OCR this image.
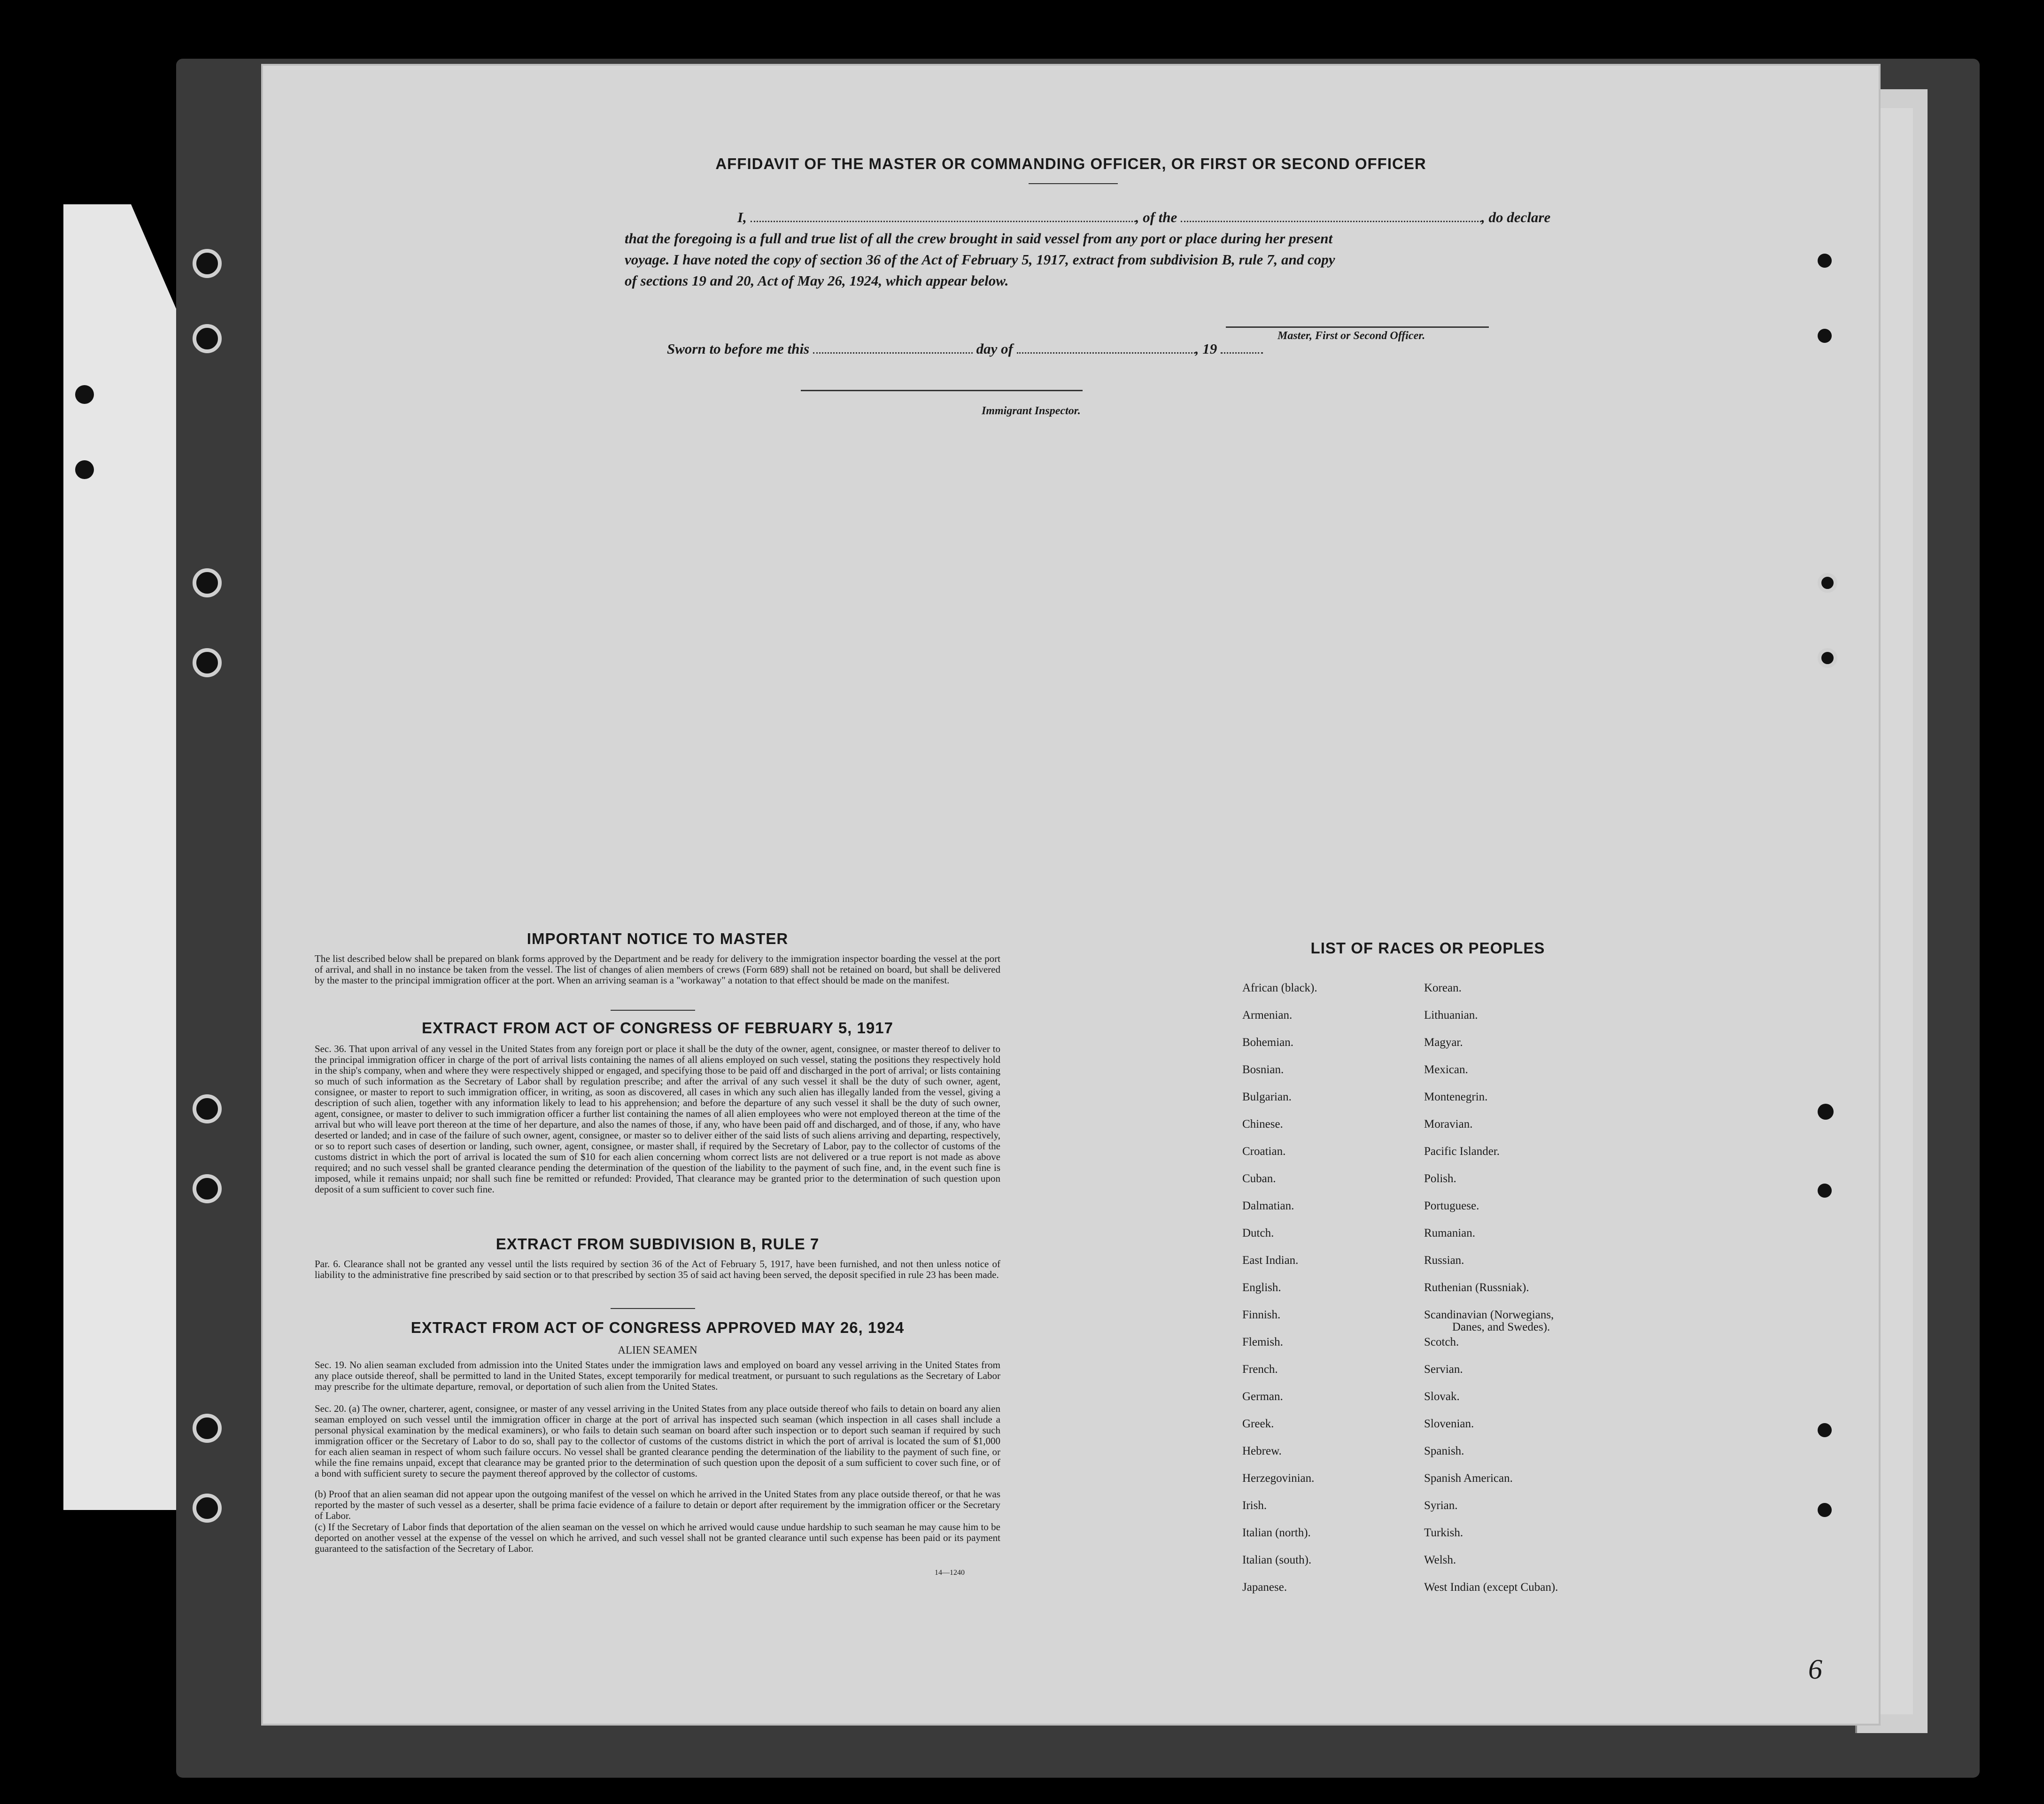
AFFIDAVIT OF THE MASTER OR COMMANDING OFFICER, OR FIRST OR SECOND OFFICER
I,	, of the	, do declare
that the foregoing is a full and true list of all the crew brought in said vessel from any port or place during her present
voyage. I have noted the copy of section 36 of the Act of February 5, 1917, extract from subdivision B, rule 7, and copy
of sections 19 and 20, Act of May 26, 1924, which appear below.
Master, First or Second Officer.
Sworn to before me this	day of	, 19
Immigrant Inspector.
IMPORTANT NOTICE TO MASTER
The list described below shall be prepared on blank forms approved by the Department and be ready for delivery to the immigration inspector boarding the vessel at the port of arrival, and shall in no instance be taken from the vessel. The list of changes of alien members of crews (Form 689) shall not be retained on board, but shall be delivered by the master to the principal immigration officer at the port. When an arriving seaman is a "workaway" a notation to that effect should be made on the manifest.
EXTRACT FROM ACT OF CONGRESS OF FEBRUARY 5, 1917
Sec. 36. That upon arrival of any vessel in the United States from any foreign port or place it shall be the duty of the owner, agent, consignee, or master thereof to deliver to the principal immigration officer in charge of the port of arrival lists containing the names of all aliens employed on such vessel, stating the positions they respectively hold in the ship's company, when and where they were respectively shipped or engaged, and specifying those to be paid off and discharged in the port of arrival; or lists containing so much of such information as the Secretary of Labor shall by regulation prescribe; and after the arrival of any such vessel it shall be the duty of such owner, agent, consignee, or master to report to such immigration officer, in writing, as soon as discovered, all cases in which any such alien has illegally landed from the vessel, giving a description of such alien, together with any information likely to lead to his apprehension; and before the departure of any such vessel it shall be the duty of such owner, agent, consignee, or master to deliver to such immigration officer a further list containing the names of all alien employees who were not employed thereon at the time of the arrival but who will leave port thereon at the time of her departure, and also the names of those, if any, who have been paid off and discharged, and of those, if any, who have deserted or landed; and in case of the failure of such owner, agent, consignee, or master so to deliver either of the said lists of such aliens arriving and departing, respectively, or so to report such cases of desertion or landing, such owner, agent, consignee, or master shall, if required by the Secretary of Labor, pay to the collector of customs of the customs district in which the port of arrival is located the sum of $10 for each alien concerning whom correct lists are not delivered or a true report is not made as above required; and no such vessel shall be granted clearance pending the determination of the question of the liability to the payment of such fine, and, in the event such fine is imposed, while it remains unpaid; nor shall such fine be remitted or refunded: Provided, That clearance may be granted prior to the determination of such question upon deposit of a sum sufficient to cover such fine.
EXTRACT FROM SUBDIVISION B, RULE 7
Par. 6. Clearance shall not be granted any vessel until the lists required by section 36 of the Act of February 5, 1917, have been furnished, and not then unless notice of liability to the administrative fine prescribed by said section or to that prescribed by section 35 of said act having been served, the deposit specified in rule 23 has been made.
EXTRACT FROM ACT OF CONGRESS APPROVED MAY 26, 1924
ALIEN SEAMEN
Sec. 19. No alien seaman excluded from admission into the United States under the immigration laws and employed on board any vessel arriving in the United States from any place outside thereof, shall be permitted to land in the United States, except temporarily for medical treatment, or pursuant to such regulations as the Secretary of Labor may prescribe for the ultimate departure, removal, or deportation of such alien from the United States.
Sec. 20. (a) The owner, charterer, agent, consignee, or master of any vessel arriving in the United States from any place outside thereof who fails to detain on board any alien seaman employed on such vessel until the immigration officer in charge at the port of arrival has inspected such seaman (which inspection in all cases shall include a personal physical examination by the medical examiners), or who fails to detain such seaman on board after such inspection or to deport such seaman if required by such immigration officer or the Secretary of Labor to do so, shall pay to the collector of customs of the customs district in which the port of arrival is located the sum of $1,000 for each alien seaman in respect of whom such failure occurs. No vessel shall be granted clearance pending the determination of the liability to the payment of such fine, or while the fine remains unpaid, except that clearance may be granted prior to the determination of such question upon the deposit of a sum sufficient to cover such fine, or of a bond with sufficient surety to secure the payment thereof approved by the collector of customs.
(b) Proof that an alien seaman did not appear upon the outgoing manifest of the vessel on which he arrived in the United States from any place outside thereof, or that he was reported by the master of such vessel as a deserter, shall be prima facie evidence of a failure to detain or deport after requirement by the immigration officer or the Secretary of Labor.
(c) If the Secretary of Labor finds that deportation of the alien seaman on the vessel on which he arrived would cause undue hardship to such seaman he may cause him to be deported on another vessel at the expense of the vessel on which he arrived, and such vessel shall not be granted clearance until such expense has been paid or its payment guaranteed to the satisfaction of the Secretary of Labor.
14—1240
LIST OF RACES OR PEOPLES
African (black).
Armenian.
Bohemian.
Bosnian.
Bulgarian.
Chinese.
Croatian.
Cuban.
Dalmatian.
Dutch.
East Indian.
English.
Finnish.
Flemish.
French.
German.
Greek.
Hebrew.
Herzegovinian.
Irish.
Italian (north).
Italian (south).
Japanese.
Korean.
Lithuanian.
Magyar.
Mexican.
Montenegrin.
Moravian.
Pacific Islander.
Polish.
Portuguese.
Rumanian.
Russian.
Ruthenian (Russniak).
Scandinavian (Norwegians,
Danes, and Swedes).
Scotch.
Servian.
Slovak.
Slovenian.
Spanish.
Spanish American.
Syrian.
Turkish.
Welsh.
West Indian (except Cuban).
6
